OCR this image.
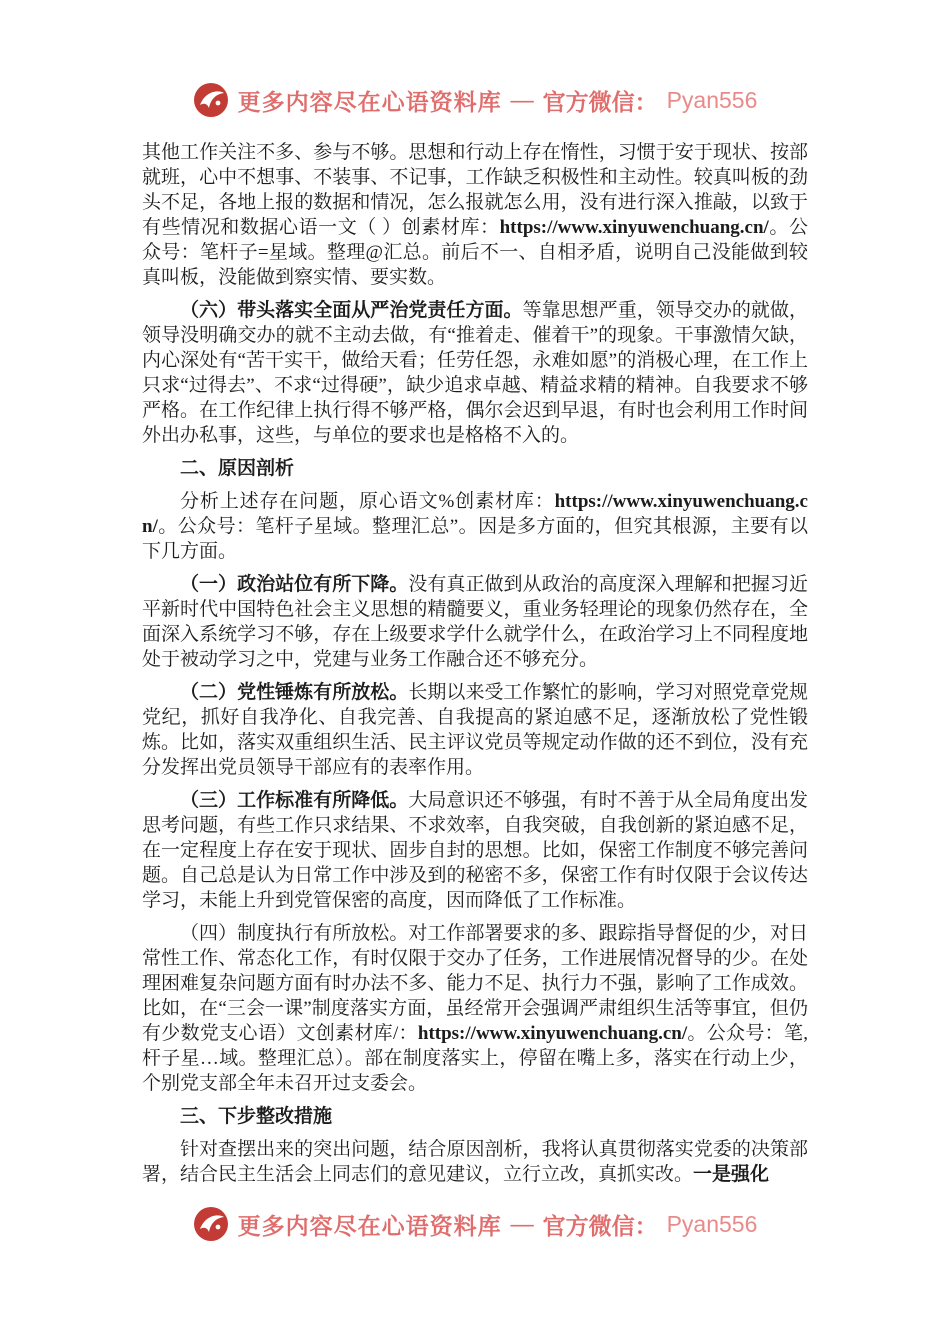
更多内容尽在心语资料库 — 官方微信： Pyan556

其他工作关注不多、参与不够。思想和行动上存在惰性，习惯于安于现状、按部就班，心中不想事、不装事、不记事，工作缺乏积极性和主动性。较真叫板的劲头不足，各地上报的数据和情况，怎么报就怎么用，没有进行深入推敲，以致于有些情况和数据心语一文（ ）创素材库：https://www.xinyuwenchuang.cn/。公众号：笔杆子=星域。整理@汇总。前后不一、自相矛盾，说明自己没能做到较真叫板，没能做到察实情、要实数。

（六）带头落实全面从严治党责任方面。等靠思想严重，领导交办的就做，领导没明确交办的就不主动去做，有“推着走、催着干”的现象。干事激情欠缺，内心深处有“苦干实干，做给天看；任劳任怨，永难如愿”的消极心理，在工作上只求“过得去”、不求“过得硬”，缺少追求卓越、精益求精的精神。自我要求不够严格。在工作纪律上执行得不够严格，偶尔会迟到早退，有时也会利用工作时间外出办私事，这些，与单位的要求也是格格不入的。

二、原因剖析

分析上述存在问题，原心语文%创素材库：https://www.xinyuwenchuang.cn/。公众号：笔杆子星域。整理汇总”。因是多方面的，但究其根源，主要有以下几方面。

（一）政治站位有所下降。没有真正做到从政治的高度深入理解和把握习近平新时代中国特色社会主义思想的精髓要义，重业务轻理论的现象仍然存在，全面深入系统学习不够，存在上级要求学什么就学什么，在政治学习上不同程度地处于被动学习之中，党建与业务工作融合还不够充分。

（二）党性锤炼有所放松。长期以来受工作繁忙的影响，学习对照党章党规党纪，抓好自我净化、自我完善、自我提高的紧迫感不足，逐渐放松了党性锻炼。比如，落实双重组织生活、民主评议党员等规定动作做的还不到位，没有充分发挥出党员领导干部应有的表率作用。

（三）工作标准有所降低。大局意识还不够强，有时不善于从全局角度出发思考问题，有些工作只求结果、不求效率，自我突破，自我创新的紧迫感不足，在一定程度上存在安于现状、固步自封的思想。比如，保密工作制度不够完善问题。自己总是认为日常工作中涉及到的秘密不多，保密工作有时仅限于会议传达学习，未能上升到党管保密的高度，因而降低了工作标准。

（四）制度执行有所放松。对工作部署要求的多、跟踪指导督促的少，对日常性工作、常态化工作，有时仅限于交办了任务，工作进展情况督导的少。在处理困难复杂问题方面有时办法不多、能力不足、执行力不强，影响了工作成效。比如，在“三会一课”制度落实方面，虽经常开会强调严肃组织生活等事宜，但仍有少数党支心语）文创素材库/：https://www.xinyuwenchuang.cn/。公众号：笔,杆子星…域。整理汇总）。部在制度落实上，停留在嘴上多，落实在行动上少，个别党支部全年未召开过支委会。

三、下步整改措施

针对查摆出来的突出问题，结合原因剖析，我将认真贯彻落实党委的决策部署，结合民主生活会上同志们的意见建议，立行立改，真抓实改。一是强化

更多内容尽在心语资料库 — 官方微信： Pyan556
